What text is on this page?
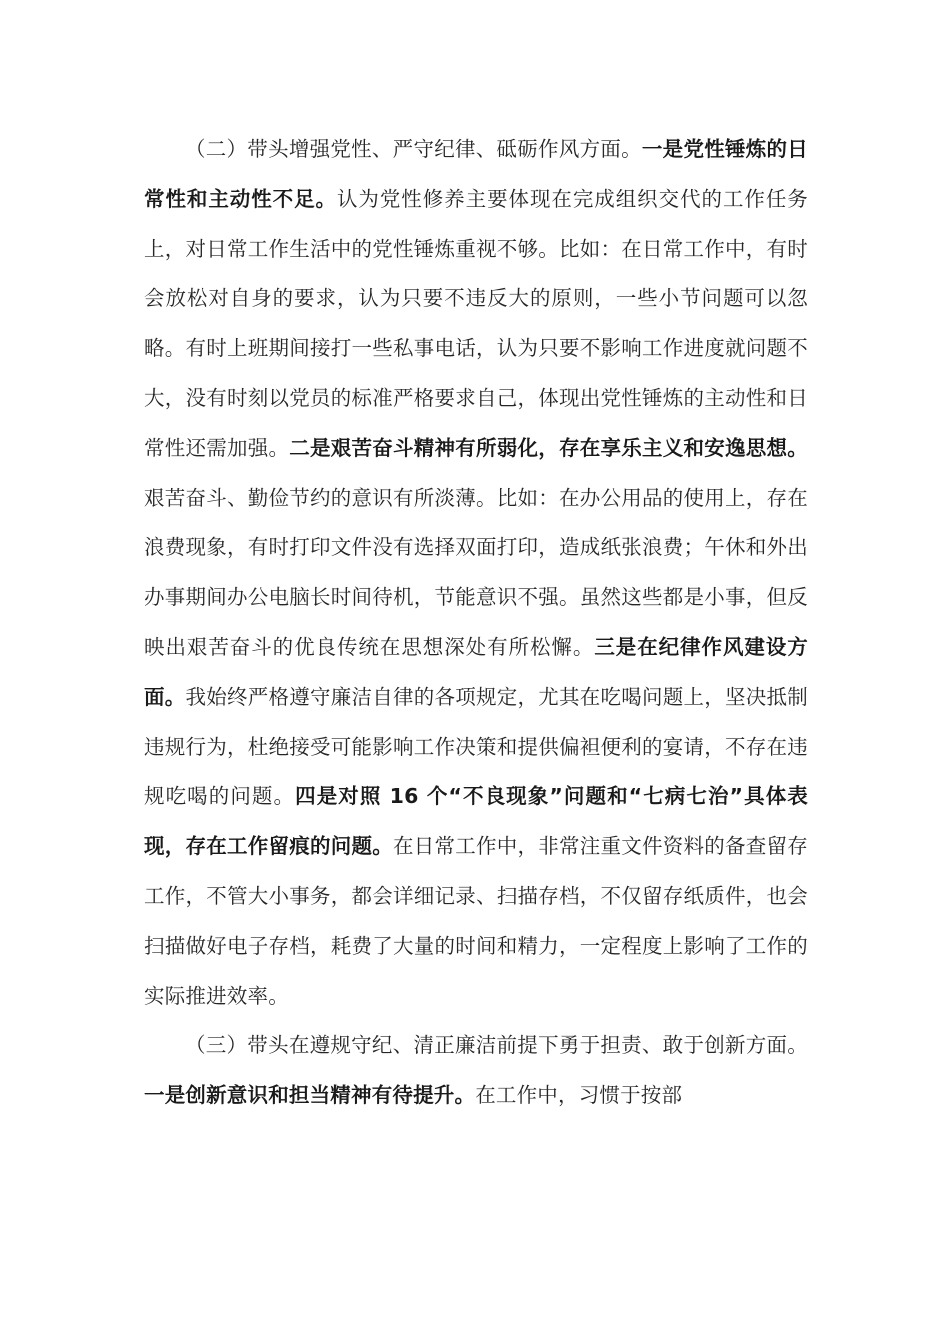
（二）带头增强党性、严守纪律、砥砺作风方面。一是党性锤炼的日常性和主动性不足。认为党性修养主要体现在完成组织交代的工作任务上，对日常工作生活中的党性锤炼重视不够。比如：在日常工作中，有时会放松对自身的要求，认为只要不违反大的原则，一些小节问题可以忽略。有时上班期间接打一些私事电话，认为只要不影响工作进度就问题不大，没有时刻以党员的标准严格要求自己，体现出党性锤炼的主动性和日常性还需加强。二是艰苦奋斗精神有所弱化，存在享乐主义和安逸思想。艰苦奋斗、勤俭节约的意识有所淡薄。比如：在办公用品的使用上，存在浪费现象，有时打印文件没有选择双面打印，造成纸张浪费；午休和外出办事期间办公电脑长时间待机，节能意识不强。虽然这些都是小事，但反映出艰苦奋斗的优良传统在思想深处有所松懈。三是在纪律作风建设方面。我始终严格遵守廉洁自律的各项规定，尤其在吃喝问题上，坚决抵制违规行为，杜绝接受可能影响工作决策和提供偏袒便利的宴请，不存在违规吃喝的问题。四是对照 16 个“不良现象”问题和“七病七治”具体表现，存在工作留痕的问题。在日常工作中，非常注重文件资料的备查留存工作，不管大小事务，都会详细记录、扫描存档，不仅留存纸质件，也会扫描做好电子存档，耗费了大量的时间和精力，一定程度上影响了工作的实际推进效率。

（三）带头在遵规守纪、清正廉洁前提下勇于担责、敢于创新方面。一是创新意识和担当精神有待提升。在工作中，习惯于按部
